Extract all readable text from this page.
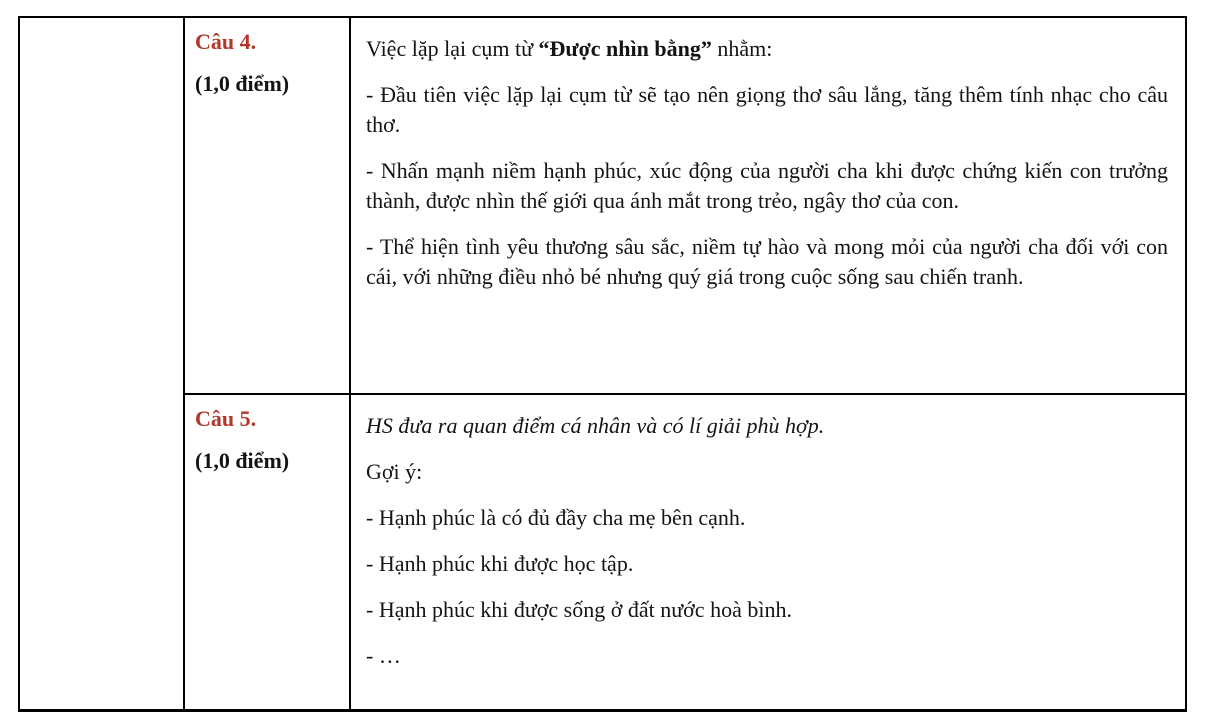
Câu 4.
(1,0 điểm)

Việc lặp lại cụm từ “Được nhìn bằng” nhằm:

- Đầu tiên việc lặp lại cụm từ sẽ tạo nên giọng thơ sâu lắng, tăng thêm tính nhạc cho câu thơ.

- Nhấn mạnh niềm hạnh phúc, xúc động của người cha khi được chứng kiến con trưởng thành, được nhìn thế giới qua ánh mắt trong trẻo, ngây thơ của con.

- Thể hiện tình yêu thương sâu sắc, niềm tự hào và mong mỏi của người cha đối với con cái, với những điều nhỏ bé nhưng quý giá trong cuộc sống sau chiến tranh.

Câu 5.
(1,0 điểm)

HS đưa ra quan điểm cá nhân và có lí giải phù hợp.

Gợi ý:

- Hạnh phúc là có đủ đầy cha mẹ bên cạnh.

- Hạnh phúc khi được học tập.

- Hạnh phúc khi được sống ở đất nước hoà bình.

- …
